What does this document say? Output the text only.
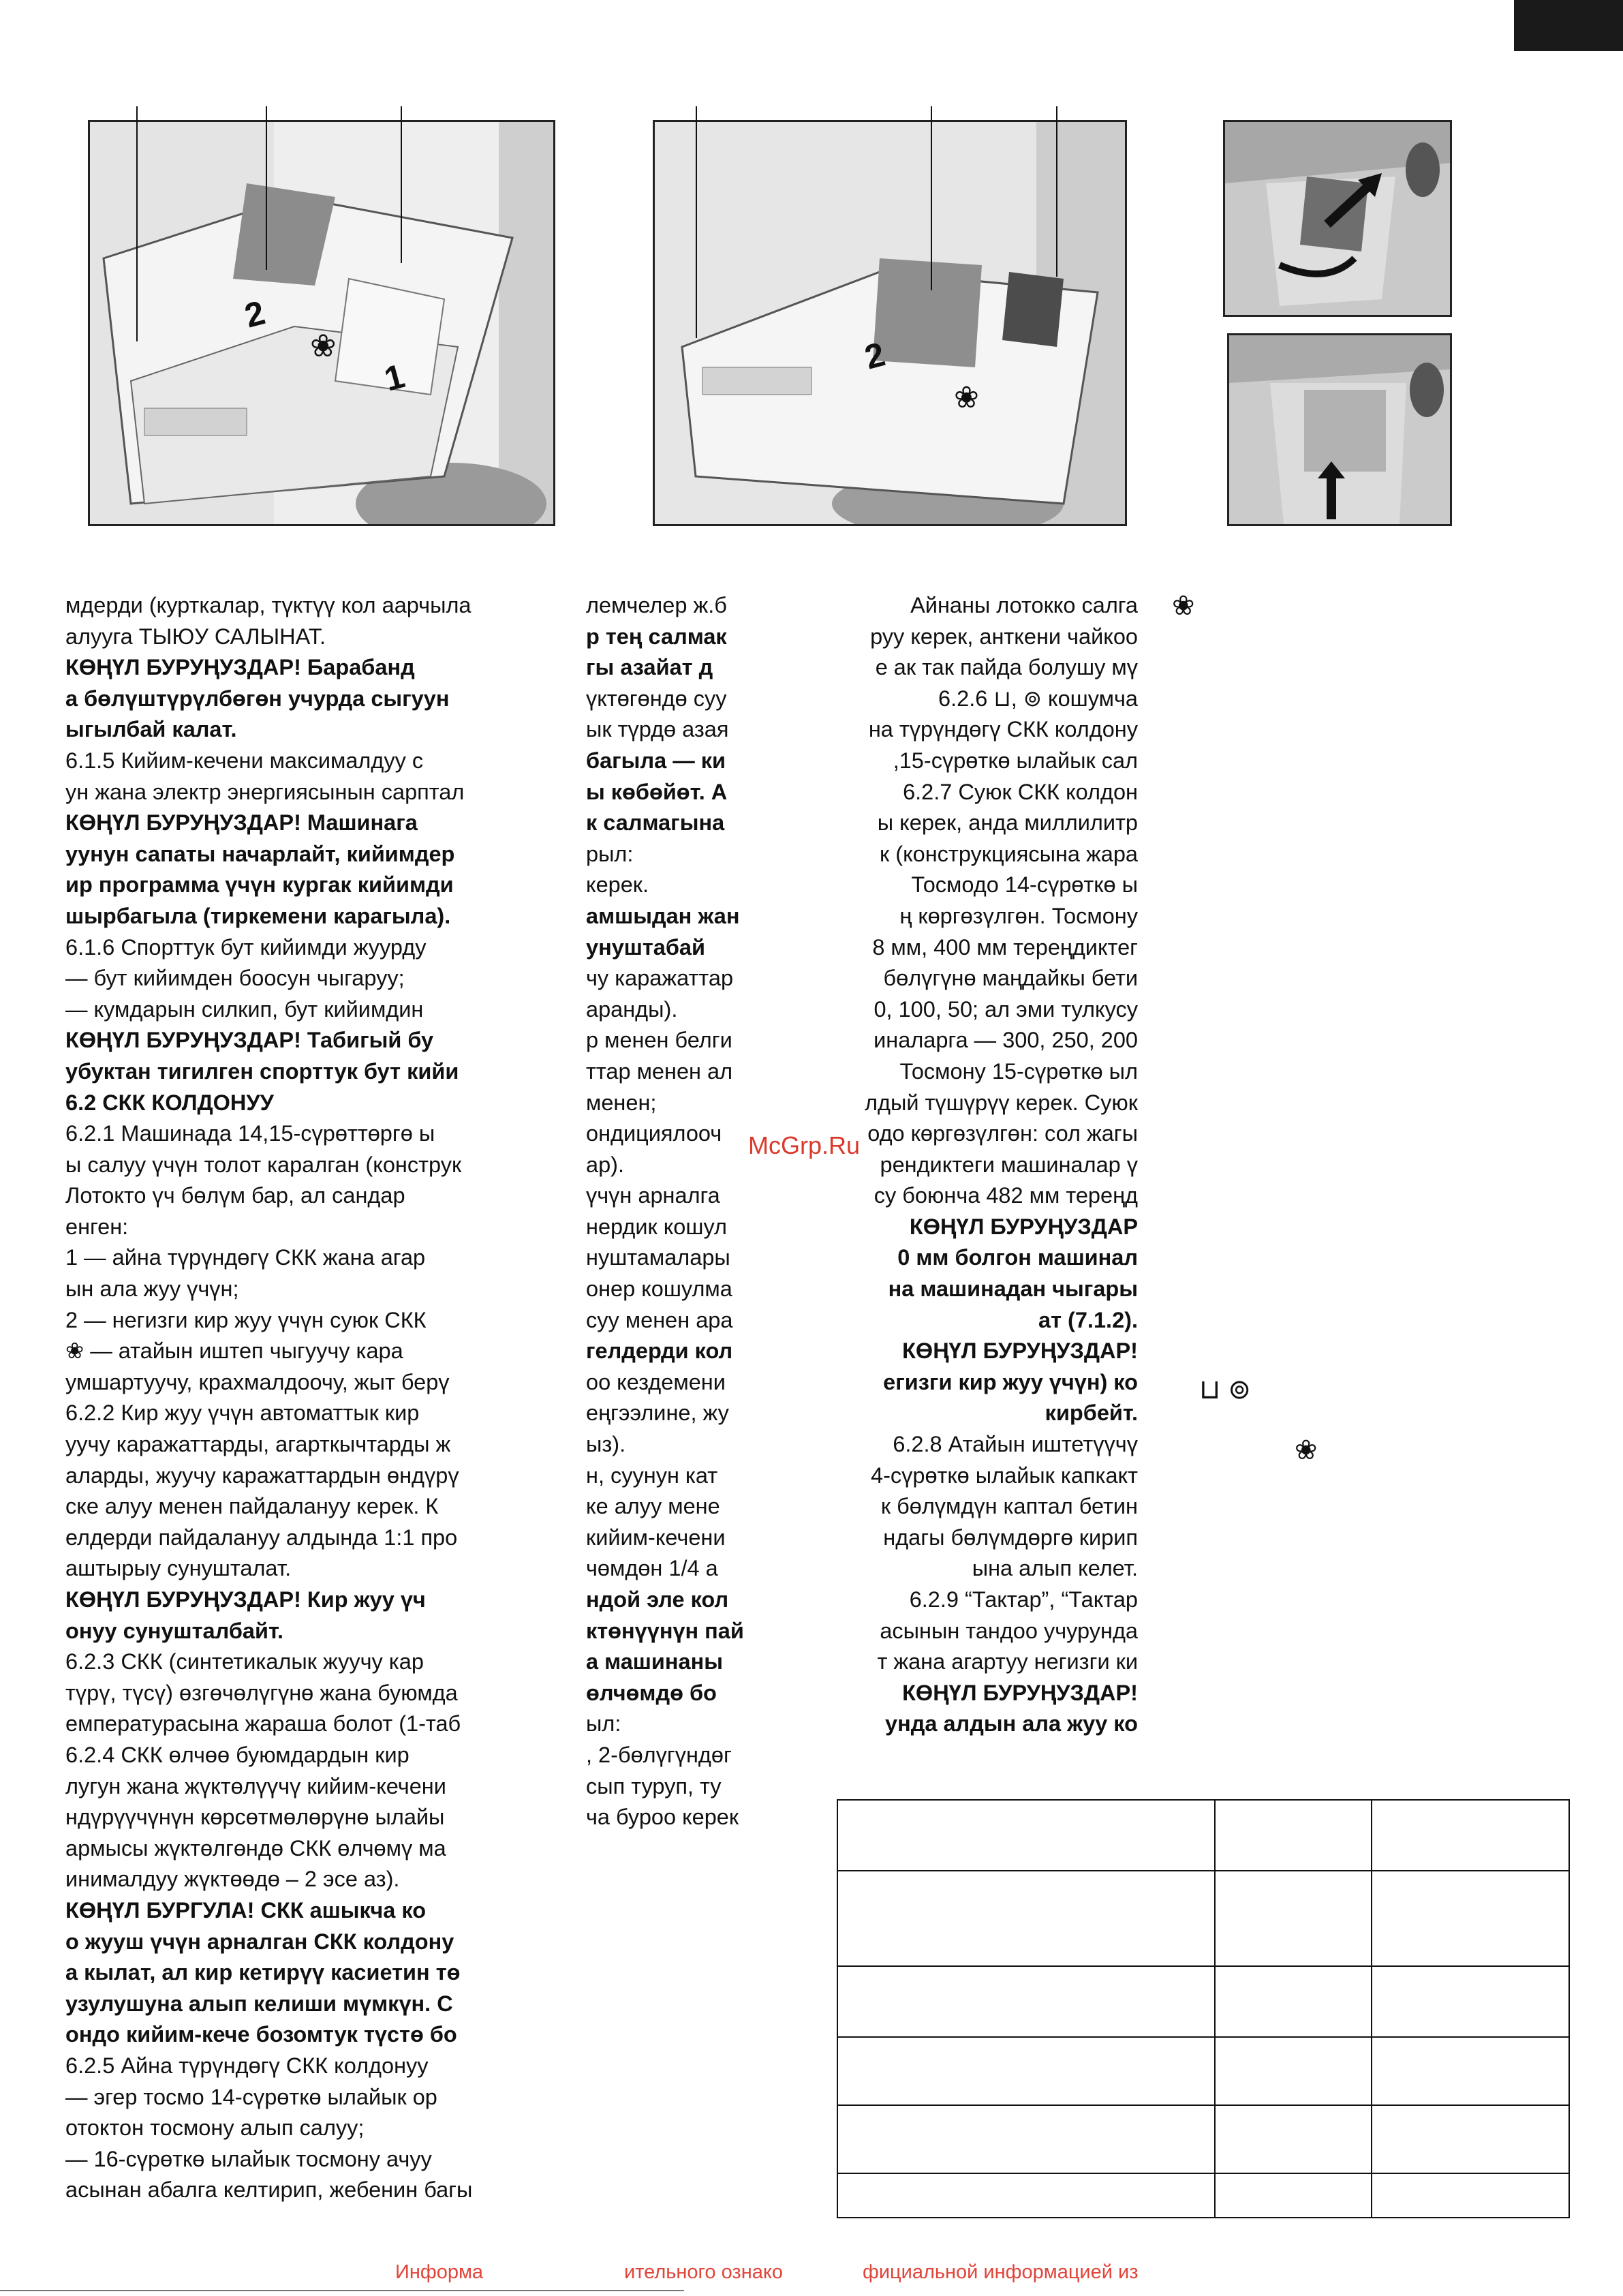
2
1
❀	2
❀

мдерди (курткалар, түктүү кол аарчыла

алууга ТЫЮУ САЛЫНАТ.

КӨҢҮЛ БУРУҢУЗДАР! Барабанд

а бөлүштүрүлбөгөн учурда сыгуун

ыгылбай калат.

6.1.5 Кийим-кечени максималдуу с

ун жана электр энергиясынын сарптал

КӨҢҮЛ БУРУҢУЗДАР! Машинага

уунун сапаты начарлайт, кийимдер

ир программа үчүн кургак кийимди

шырбагыла (тиркемени карагыла).

6.1.6 Спорттук бут кийимди жуурду

— бут кийимден боосун чыгаруу;

— кумдарын силкип, бут кийимдин

КӨҢҮЛ БУРУҢУЗДАР! Табигый бу

убуктан тигилген спорттук бут кийи

6.2 СКК КОЛДОНУУ

6.2.1 Машинада 14,15-сүрөттөргө ы

ы салуу үчүн толот каралган (конструк

Лотокто үч бөлүм бар, ал сандар

енген:

1 — айна түрүндөгү СКК жана агар

ын ала жуу үчүн;

2 — негизги кир жуу үчүн суюк СКК

❀ — атайын иштеп чыгуучу кара

умшартуучу, крахмалдоочу, жыт берү

6.2.2 Кир жуу үчүн автоматтык кир

уучу каражаттарды, агарткычтарды ж

аларды, жуучу каражаттардын өндүрү

ске алуу менен пайдалануу керек. К

елдерди пайдалануу алдында 1:1 про

аштырыу сунушталат.

КӨҢҮЛ БУРУҢУЗДАР! Кир жуу үч

онуу сунушталбайт.

6.2.3 СКК (синтетикалык жуучу кар

түрү, түсү) өзгөчөлүгүнө жана буюмда

емпературасына жараша болот (1-таб

6.2.4 СКК өлчөө буюмдардын кир

лугун жана жүктөлүүчү кийим-кечени

ндүрүүчүнүн көрсөтмөлөрүнө ылайы

армысы жүктөлгөндө СКК өлчөмү ма

инималдуу жүктөөдө – 2 эсе аз).

КӨҢҮЛ БУРГУЛА! СКК ашыкча ко

о жууш үчүн арналган СКК колдону

а кылат, ал кир кетирүү касиетин тө

узулушуна алып келиши мүмкүн. С

ондо кийим-кече бозомтук түстө бо

6.2.5 Айна түрүндөгү СКК колдонуу

— эгер тосмо 14-сүрөткө ылайык ор

отоктон тосмону алып салуу;

— 16-сүрөткө ылайык тосмону ачуу

асынан абалга келтирип, жебенин багы

лемчелер ж.б

р тең салмак

гы азайат д

үктөгөндө суу

ык түрдө азая

багыла — ки

ы көбөйөт. А

к салмагына

рыл:

керек.

амшыдан жан

унуштабай

чу каражаттар

аранды).

р менен белги

ттар менен ал

менен;

ондициялооч

ар).

үчүн арналга

нердик кошул

нуштамалары

онер кошулма

суу менен ара

гелдерди кол

оо кездемени

еңгээлине, жу

ыз).

н, суунун кат

ке алуу мене

кийим-кечени

чөмдөн 1/4 а

ндой эле кол

ктөнүүнүн пай

а машинаны

өлчөмдө бо

ыл:

, 2-бөлүгүндөг

сып туруп, ту

ча буроо керек

Айнаны лотокко салга

руу керек, анткени чайкоо

е ак так пайда болушу мү

6.2.6 ⊔, ⊚ кошумча

на түрүндөгү СКК колдону

,15-сүрөткө ылайык сал

6.2.7 Суюк СКК колдон

ы керек, анда миллилитр

к (конструкциясына жара

Тосмодо 14-сүрөткө ы

ң көргөзүлгөн. Тосмону

8 мм, 400 мм тереңдиктег

бөлүгүнө маңдайкы бети

0, 100, 50; ал эми тулкусу

иналарга — 300, 250, 200

Тосмону 15-сүрөткө ыл

лдый түшүрүү керек. Суюк

одо көргөзүлгөн: сол жагы

рендиктеги машиналар ү

су боюнча 482 мм тереңд

КӨҢҮЛ БУРУҢУЗДАР

0 мм болгон машинал

на машинадан чыгары

ат (7.1.2).

КӨҢҮЛ БУРУҢУЗДАР!

егизги кир жуу үчүн) ко

кирбейт.

6.2.8 Атайын иштетүүчү

4-сүрөткө ылайык капкакт

к бөлүмдүн каптал бетин

ндагы бөлүмдөргө кирип

ына алып келет.

6.2.9 “Тактар”, “Тактар

асынын тандоо учурунда

т жана агартуу негизги ки

КӨҢҮЛ БУРУҢУЗДАР!

унда алдын ала жуу ко

McGrp.Ru
❀
⊔ ⊚
❀

Информа	ительного ознако	фициальной информацией из
